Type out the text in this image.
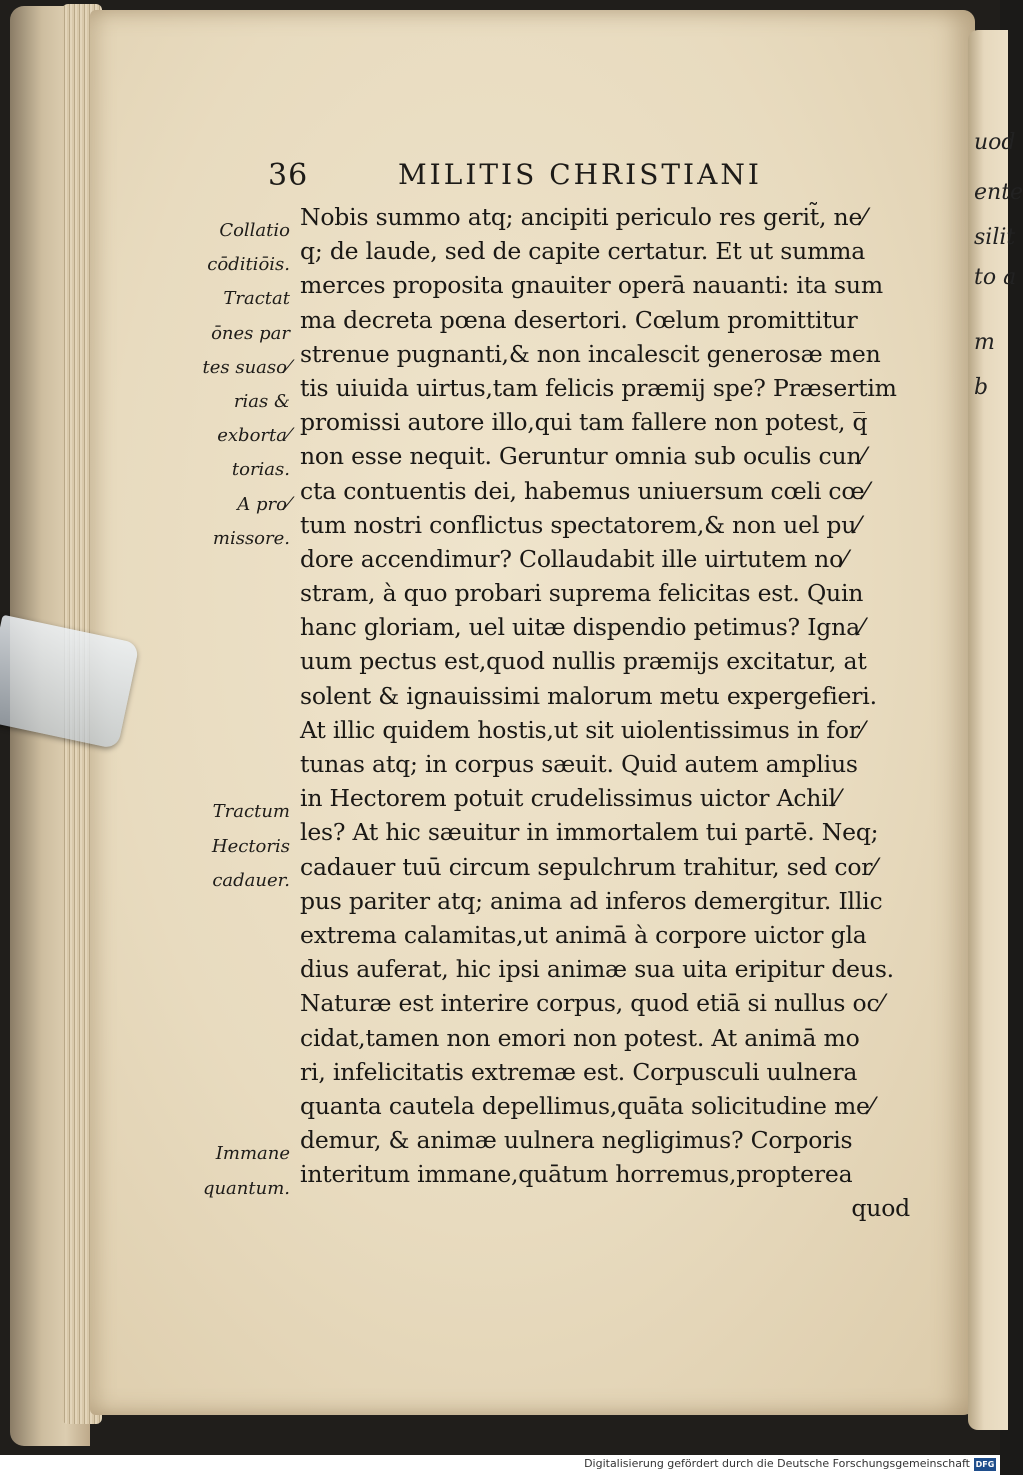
uod
ente
silit
to a
m
b
36	MILITIS CHRISTIANI
Nobis summo atq; ancipiti periculo res gerit̃, ne⁄
q; de laude, sed de capite certatur. Et ut summa
merces proposita gnauiter operā nauanti: ita sum
ma decreta pœna desertori. Cœlum promittitur
strenue pugnanti,& non incalescit generosæ men
tis uiuida uirtus,tam felicis præmij spe? Præsertim
promissi autore illo,qui tam fallere non potest, q̅
non esse nequit. Geruntur omnia sub oculis cun⁄
cta contuentis dei, habemus uniuersum cœli cœ⁄
tum nostri conflictus spectatorem,& non uel pu⁄
dore accendimur? Collaudabit ille uirtutem no⁄
stram, à quo probari suprema felicitas est. Quin
hanc gloriam, uel uitæ dispendio petimus? Igna⁄
uum pectus est,quod nullis præmijs excitatur, at
solent & ignauissimi malorum metu expergefieri.
At illic quidem hostis,ut sit uiolentissimus in for⁄
tunas atq; in corpus sæuit. Quid autem amplius
in Hectorem potuit crudelissimus uictor Achil⁄
les? At hic sæuitur in immortalem tui partē. Neq;
cadauer tuū circum sepulchrum trahitur, sed cor⁄
pus pariter atq; anima ad inferos demergitur. Illic
extrema calamitas,ut animā à corpore uictor gla
dius auferat, hic ipsi animæ sua uita eripitur deus.
Naturæ est interire corpus, quod etiā si nullus oc⁄
cidat,tamen non emori non potest. At animā mo
ri, infelicitatis extremæ est. Corpusculi uulnera
quanta cautela depellimus,quāta solicitudine me⁄
demur, & animæ uulnera negligimus? Corporis
interitum immane,quātum horremus,propterea
quod
Collatio
cōditiōis.
Tractat
ōnes par
tes suaso⁄
rias &
exborta⁄
torias.
A pro⁄
missore.
Tractum
Hectoris
cadauer.
Immane
quantum.
Digitalisierung gefördert durch die Deutsche Forschungsgemeinschaft DFG
